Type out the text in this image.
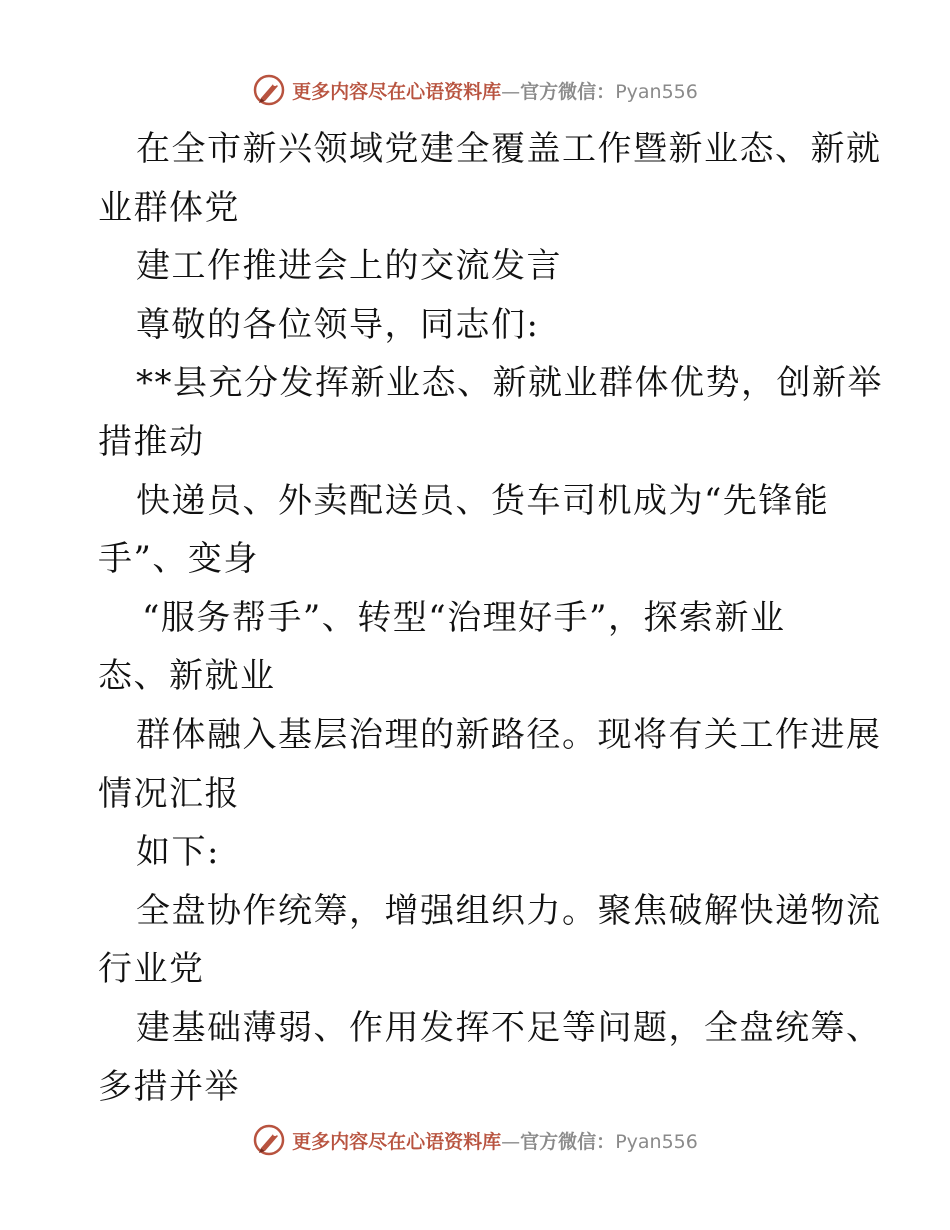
更多内容尽在心语资料库—官方微信：Pyan556
在全市新兴领域党建全覆盖工作暨新业态、新就
业群体党
建工作推进会上的交流发言
尊敬的各位领导，同志们:
**县充分发挥新业态、新就业群体优势，创新举
措推动
快递员、外卖配送员、货车司机成为“先锋能
手”、变身
“服务帮手”、转型“治理好手”，探索新业
态、新就业
群体融入基层治理的新路径。现将有关工作进展
情况汇报
如下:
全盘协作统筹，增强组织力。聚焦破解快递物流
行业党
建基础薄弱、作用发挥不足等问题，全盘统筹、
多措并举
更多内容尽在心语资料库—官方微信：Pyan556
